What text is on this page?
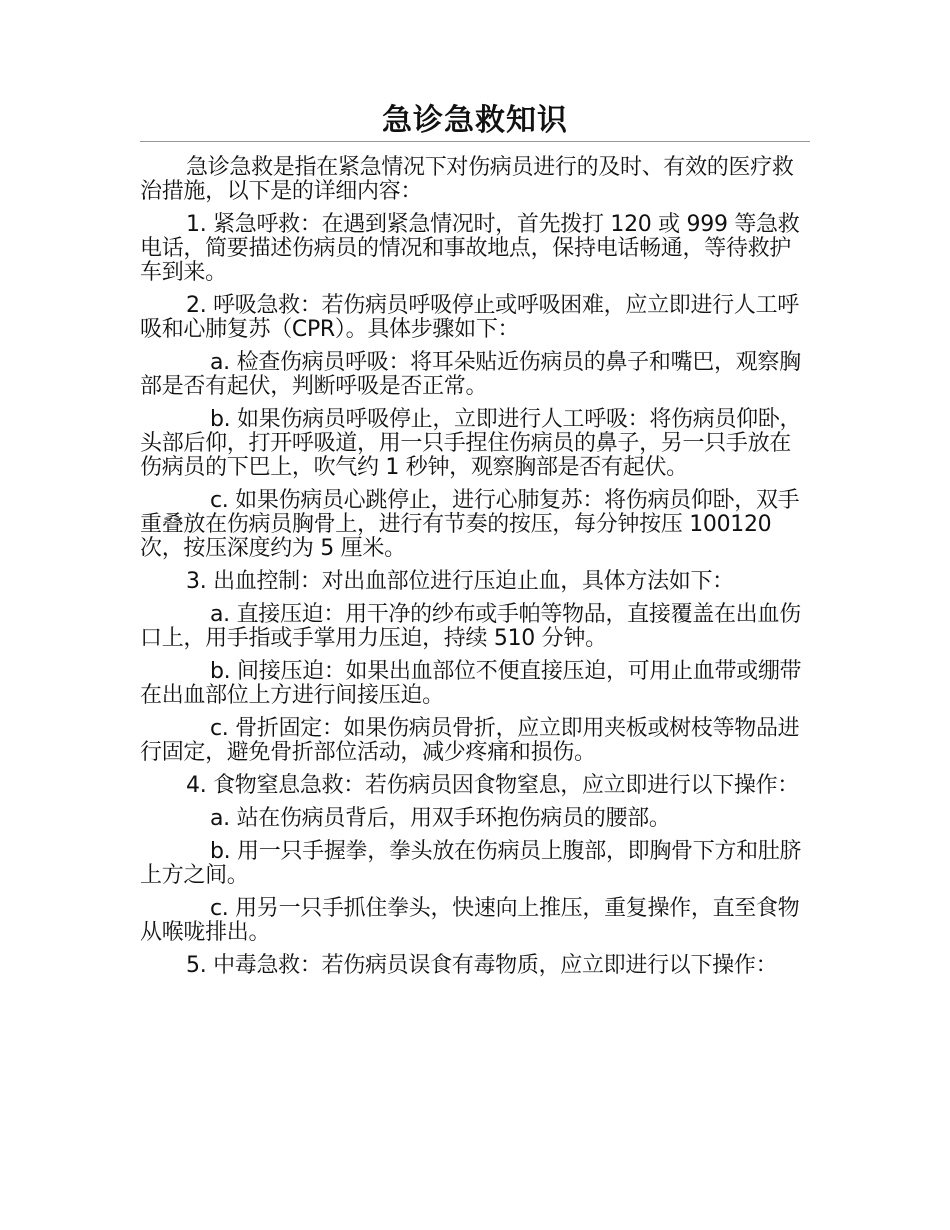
急诊急救知识

急诊急救是指在紧急情况下对伤病员进行的及时、有效的医疗救治措施，以下是的详细内容：

1. 紧急呼救：在遇到紧急情况时，首先拨打 120 或 999 等急救电话，简要描述伤病员的情况和事故地点，保持电话畅通，等待救护车到来。

2. 呼吸急救：若伤病员呼吸停止或呼吸困难，应立即进行人工呼吸和心肺复苏（CPR）。具体步骤如下：

a. 检查伤病员呼吸：将耳朵贴近伤病员的鼻子和嘴巴，观察胸部是否有起伏，判断呼吸是否正常。

b. 如果伤病员呼吸停止，立即进行人工呼吸：将伤病员仰卧，头部后仰，打开呼吸道，用一只手捏住伤病员的鼻子，另一只手放在伤病员的下巴上，吹气约 1 秒钟，观察胸部是否有起伏。

c. 如果伤病员心跳停止，进行心肺复苏：将伤病员仰卧，双手重叠放在伤病员胸骨上，进行有节奏的按压，每分钟按压 100120 次，按压深度约为 5 厘米。

3. 出血控制：对出血部位进行压迫止血，具体方法如下：

a. 直接压迫：用干净的纱布或手帕等物品，直接覆盖在出血伤口上，用手指或手掌用力压迫，持续 510 分钟。

b. 间接压迫：如果出血部位不便直接压迫，可用止血带或绷带在出血部位上方进行间接压迫。

c. 骨折固定：如果伤病员骨折，应立即用夹板或树枝等物品进行固定，避免骨折部位活动，减少疼痛和损伤。

4. 食物窒息急救：若伤病员因食物窒息，应立即进行以下操作：

a. 站在伤病员背后，用双手环抱伤病员的腰部。

b. 用一只手握拳，拳头放在伤病员上腹部，即胸骨下方和肚脐上方之间。

c. 用另一只手抓住拳头，快速向上推压，重复操作，直至食物从喉咙排出。

5. 中毒急救：若伤病员误食有毒物质，应立即进行以下操作：
